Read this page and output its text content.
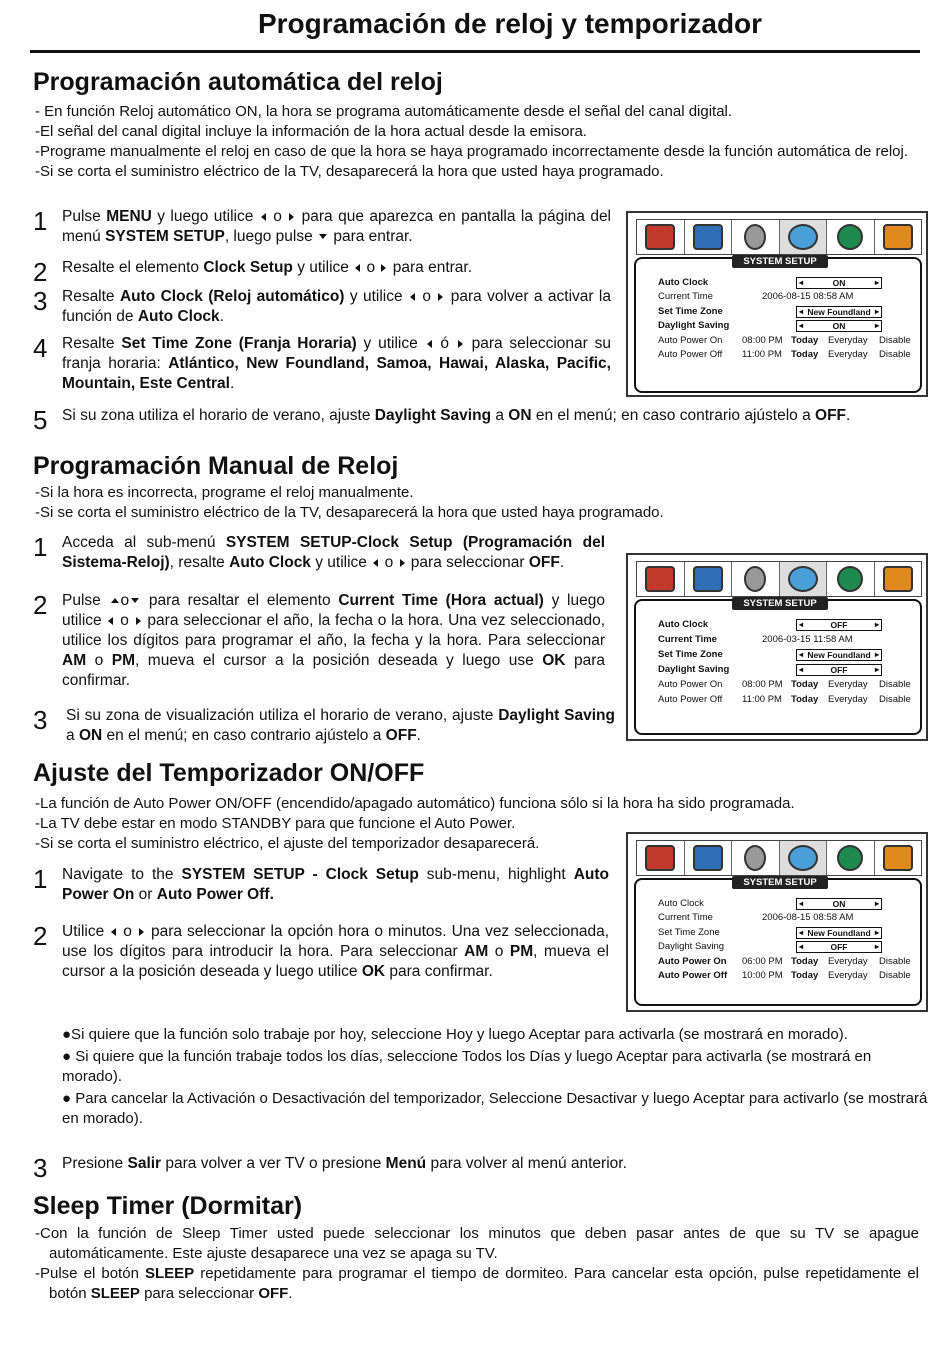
Programación de reloj y temporizador
Programación automática del reloj

- En función Reloj automático ON, la hora se programa automáticamente desde el señal del canal digital.

-El señal del canal digital incluye la información de la hora actual desde la emisora.

-Programe manualmente el reloj en caso de que la hora se haya programado incorrectamente desde la función automática de reloj.

-Si se corta el suministro eléctrico de la TV, desaparecerá la hora que usted haya programado.

1 Pulse MENU y luego utilice  o  para que aparezca en pantalla la página del menú SYSTEM SETUP, luego pulse  para entrar.
2 Resalte el elemento Clock Setup y utilice  o  para entrar.
3 Resalte Auto Clock (Reloj automático) y utilice  o  para volver a activar la función de Auto Clock.
4 Resalte Set Time Zone (Franja Horaria) y utilice  ó  para seleccionar su franja horaria: Atlántico, New Foundland, Samoa, Hawai, Alaska, Pacific, Mountain, Este Central.
5 Si su zona utiliza el horario de verano, ajuste Daylight Saving a ON en el menú; en caso contrario ajústelo a OFF.
SYSTEM SETUP
Auto Clock	◂ ON ▸
Current Time	2006-08-15 08:58 AM
Set Time Zone	◂ New Foundland ▸
Daylight Saving	◂ ON ▸
Auto Power On	08:00 PM Today Everyday Disable
Auto Power Off	11:00 PM Today Everyday Disable
Programación Manual de Reloj

-Si la hora es incorrecta, programe el reloj manualmente.

-Si se corta el suministro eléctrico de la TV, desaparecerá la hora que usted haya programado.

1 Acceda al sub-menú SYSTEM SETUP-Clock Setup (Programación del Sistema-Reloj), resalte Auto Clock y utilice  o  para seleccionar OFF.
2 Pulse o para resaltar el elemento Current Time (Hora actual) y luego utilice  o  para seleccionar el año, la fecha o la hora. Una vez seleccionado, utilice los dígitos para programar el año, la fecha y la hora. Para seleccionar AM o PM, mueva el cursor a la posición deseada y luego use OK para confirmar.
3 Si su zona de visualización utiliza el horario de verano, ajuste Daylight Saving a ON en el menú; en caso contrario ajústelo a OFF.
SYSTEM SETUP
Auto Clock	◂ OFF ▸
Current Time	2006-03-15 11:58 AM
Set Time Zone	◂ New Foundland ▸
Daylight Saving	◂ OFF ▸
Auto Power On	08:00 PM Today Everyday Disable
Auto Power Off	11:00 PM Today Everyday Disable
Ajuste del Temporizador ON/OFF

-La función de Auto Power ON/OFF (encendido/apagado automático) funciona sólo si la hora ha sido programada.

-La TV debe estar en modo STANDBY para que funcione el Auto Power.

-Si se corta el suministro eléctrico, el ajuste del temporizador desaparecerá.

1 Navigate to the SYSTEM SETUP - Clock Setup sub-menu, highlight Auto Power On or Auto Power Off.
2 Utilice  o  para seleccionar la opción hora o minutos. Una vez seleccionada, use los dígitos para introducir la hora. Para seleccionar AM o PM, mueva el cursor a la posición deseada y luego utilice OK para confirmar.
SYSTEM SETUP
Auto Clock	◂ ON ▸
Current Time	2006-08-15 08:58 AM
Set Time Zone	◂ New Foundland ▸
Daylight Saving	◂ OFF ▸
Auto Power On	06:00 PM Today Everyday Disable
Auto Power Off	10:00 PM Today Everyday Disable
●Si quiere que la función solo trabaje por hoy, seleccione Hoy y luego Aceptar para activarla (se mostrará en morado).
● Si quiere que la función trabaje todos los días, seleccione Todos los Días y luego Aceptar para activarla (se mostrará en morado).
● Para cancelar la Activación o Desactivación del temporizador, Seleccione Desactivar y luego Aceptar para activarlo (se mostrará en morado).
3 Presione Salir para volver a ver TV o presione Menú para volver al menú anterior.
Sleep Timer (Dormitar)

-Con la función de Sleep Timer usted puede seleccionar los minutos que deben pasar antes de que su TV se apague automáticamente. Este ajuste desaparece una vez se apaga su TV.

-Pulse el botón SLEEP repetidamente para programar el tiempo de dormiteo. Para cancelar esta opción, pulse repetidamente el botón SLEEP para seleccionar OFF.
